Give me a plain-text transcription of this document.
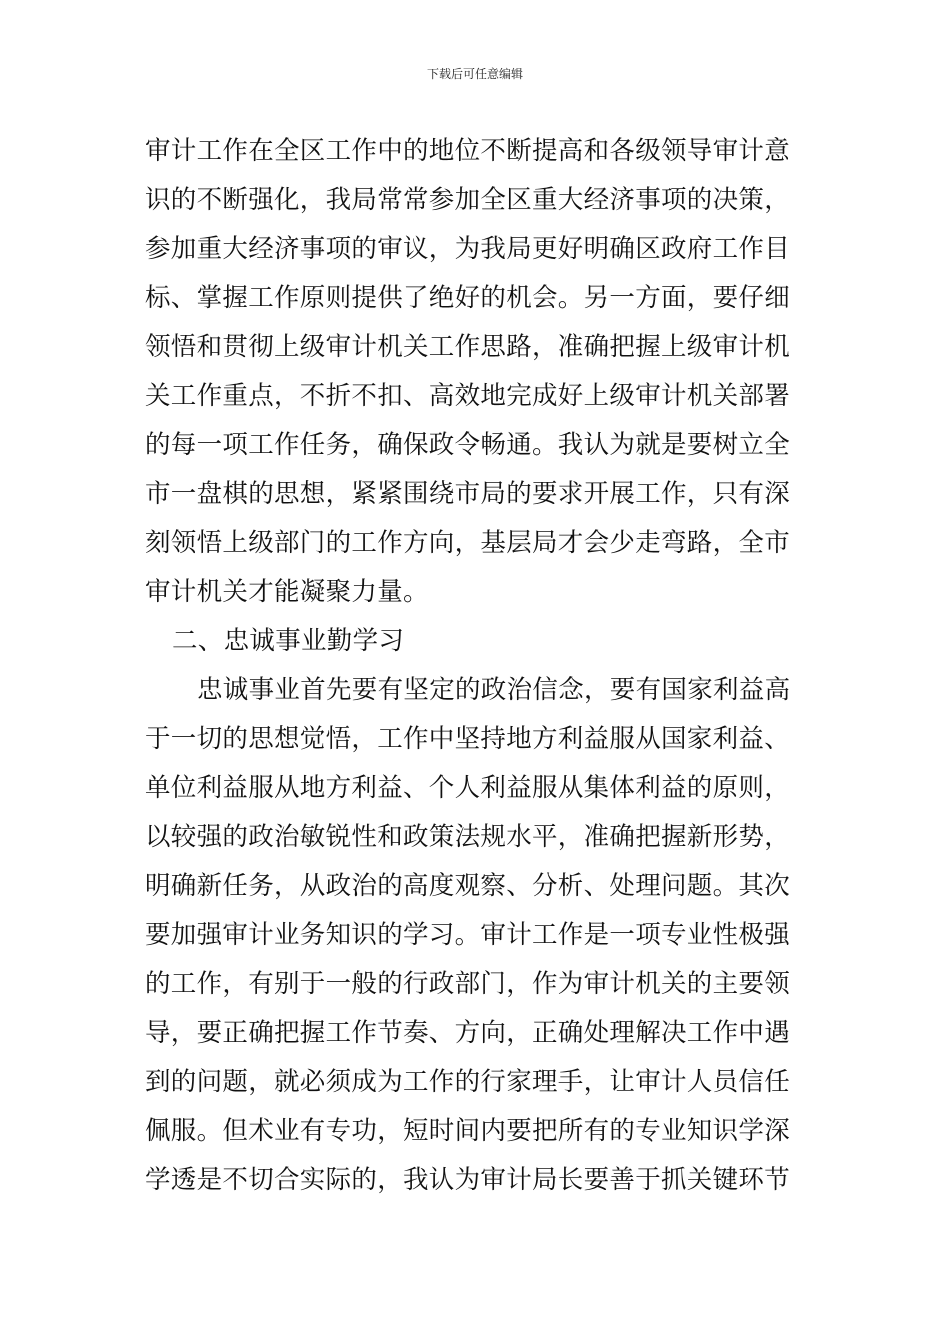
下载后可任意编辑
审计工作在全区工作中的地位不断提高和各级领导审计意
识的不断强化，我局常常参加全区重大经济事项的决策，
参加重大经济事项的审议，为我局更好明确区政府工作目
标、掌握工作原则提供了绝好的机会。另一方面，要仔细
领悟和贯彻上级审计机关工作思路，准确把握上级审计机
关工作重点，不折不扣、高效地完成好上级审计机关部署
的每一项工作任务，确保政令畅通。我认为就是要树立全
市一盘棋的思想，紧紧围绕市局的要求开展工作，只有深
刻领悟上级部门的工作方向，基层局才会少走弯路，全市
审计机关才能凝聚力量。
二、忠诚事业勤学习
忠诚事业首先要有坚定的政治信念，要有国家利益高
于一切的思想觉悟，工作中坚持地方利益服从国家利益、
单位利益服从地方利益、个人利益服从集体利益的原则，
以较强的政治敏锐性和政策法规水平，准确把握新形势，
明确新任务，从政治的高度观察、分析、处理问题。其次
要加强审计业务知识的学习。审计工作是一项专业性极强
的工作，有别于一般的行政部门，作为审计机关的主要领
导，要正确把握工作节奏、方向，正确处理解决工作中遇
到的问题，就必须成为工作的行家理手，让审计人员信任
佩服。但术业有专功，短时间内要把所有的专业知识学深
学透是不切合实际的，我认为审计局长要善于抓关键环节
